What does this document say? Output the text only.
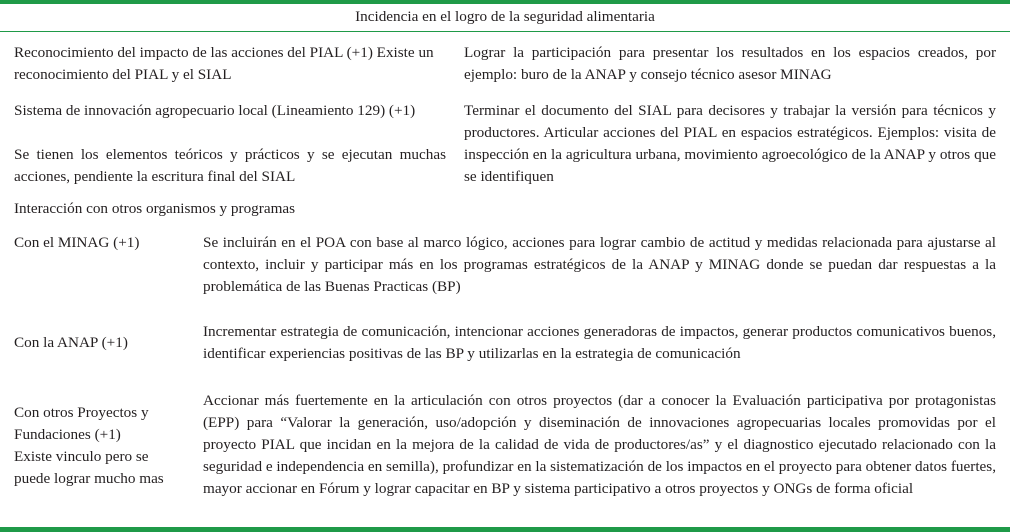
Incidencia en el logro de la seguridad alimentaria
Reconocimiento del impacto de las acciones del PIAL (+1) Existe un reconocimiento del PIAL y el SIAL
Lograr la participación para presentar los resultados en los espacios creados, por ejemplo: buro de la ANAP y consejo técnico asesor MINAG
Sistema de innovación agropecuario local (Lineamiento 129) (+1)
Se tienen los elementos teóricos y prácticos y se ejecutan muchas acciones, pendiente la escritura final del SIAL
Terminar el documento del SIAL para decisores y trabajar la versión para técnicos y productores. Articular acciones del PIAL en espacios estratégicos. Ejemplos: visita de inspección en la agricultura urbana, movimiento agroecológico de la ANAP y otros que se identifiquen
Interacción con otros organismos y programas
Con el MINAG (+1)	Se incluirán en el POA con base al marco lógico, acciones para lograr cambio de actitud y medidas relacionada para ajustarse al contexto, incluir y participar más en los programas estratégicos de la ANAP y MINAG donde se puedan dar respuestas a la problemática de las Buenas Practicas (BP)
Con la ANAP (+1)
Incrementar estrategia de comunicación, intencionar acciones generadoras de impactos, generar productos comunicativos buenos, identificar experiencias positivas de las BP y utilizarlas en la estrategia de comunicación
Con otros Proyectos y Fundaciones (+1)
Existe vinculo pero se puede lograr mucho mas
Accionar más fuertemente en la articulación con otros proyectos (dar a conocer la Evaluación participativa por protagonistas (EPP) para “Valorar la generación, uso/adopción y diseminación de innovaciones agropecuarias locales promovidas por el proyecto PIAL que incidan en la mejora de la calidad de vida de productores/as” y el diagnostico ejecutado relacionado con la seguridad e independencia en semilla), profundizar en la sistematización de los impactos en el proyecto para obtener datos fuertes, mayor accionar en Fórum y lograr capacitar en BP y sistema participativo a otros proyectos y ONGs de forma oficial
